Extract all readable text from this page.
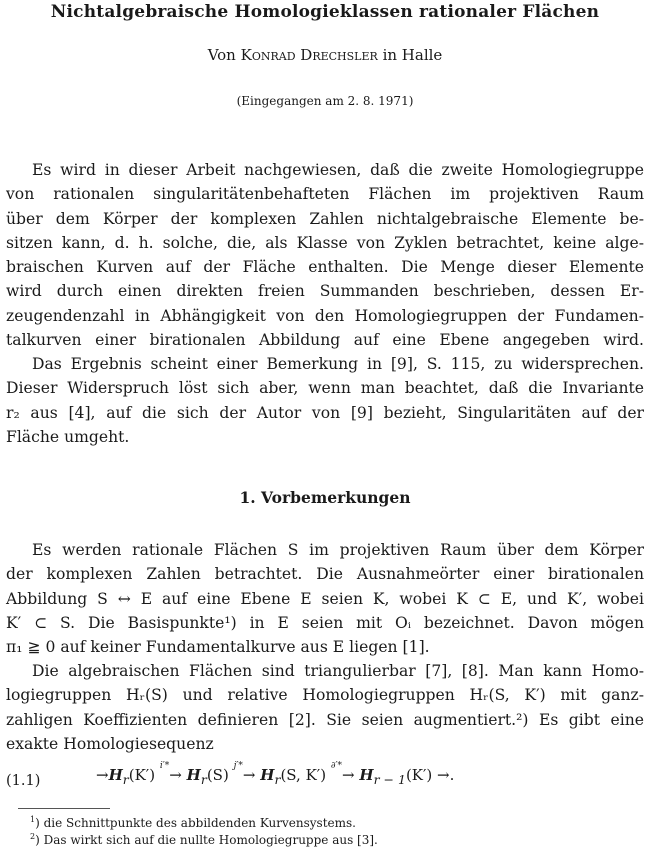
Nichtalgebraische Homologieklassen rationaler Flächen
Von Konrad Drechsler in Halle
(Eingegangen am 2. 8. 1971)
Es wird in dieser Arbeit nachgewiesen, daß die zweite Homologiegruppe
von rationalen singularitätenbehafteten Flächen im projektiven Raum
über dem Körper der komplexen Zahlen nichtalgebraische Elemente be-
sitzen kann, d. h. solche, die, als Klasse von Zyklen betrachtet, keine alge-
braischen Kurven auf der Fläche enthalten. Die Menge dieser Elemente
wird durch einen direkten freien Summanden beschrieben, dessen Er-
zeugendenzahl in Abhängigkeit von den Homologiegruppen der Fundamen-
talkurven einer birationalen Abbildung auf eine Ebene angegeben wird.
Das Ergebnis scheint einer Bemerkung in [9], S. 115, zu widersprechen.
Dieser Widerspruch löst sich aber, wenn man beachtet, daß die Invariante
r₂ aus [4], auf die sich der Autor von [9] bezieht, Singularitäten auf der
Fläche umgeht.
1. Vorbemerkungen
Es werden rationale Flächen S im projektiven Raum über dem Körper
der komplexen Zahlen betrachtet. Die Ausnahmeörter einer birationalen
Abbildung S ↔ E auf eine Ebene E seien K, wobei K ⊂ E, und K′, wobei
K′ ⊂ S. Die Basispunkte¹) in E seien mit Oᵢ bezeichnet. Davon mögen
π₁ ≧ 0 auf keiner Fundamentalkurve aus E liegen [1].
Die algebraischen Flächen sind triangulierbar [7], [8]. Man kann Homo-
logiegruppen Hᵣ(S) und relative Homologiegruppen Hᵣ(S, K′) mit ganz-
zahligen Koeffizienten definieren [2]. Sie seien augmentiert.²) Es gibt eine
exakte Homologiesequenz
(1.1)	$\to H_r(K')$ $^{i'*}\to H_r(S)$ $^{j'*}\to H_r(S$, K′) $^{\partial'*}\to H_{r - 1}(K')$ →.
$^1$) die Schnittpunkte des abbildenden Kurvensystems.
$^2$) Das wirkt sich auf die nullte Homologiegruppe aus [3].
